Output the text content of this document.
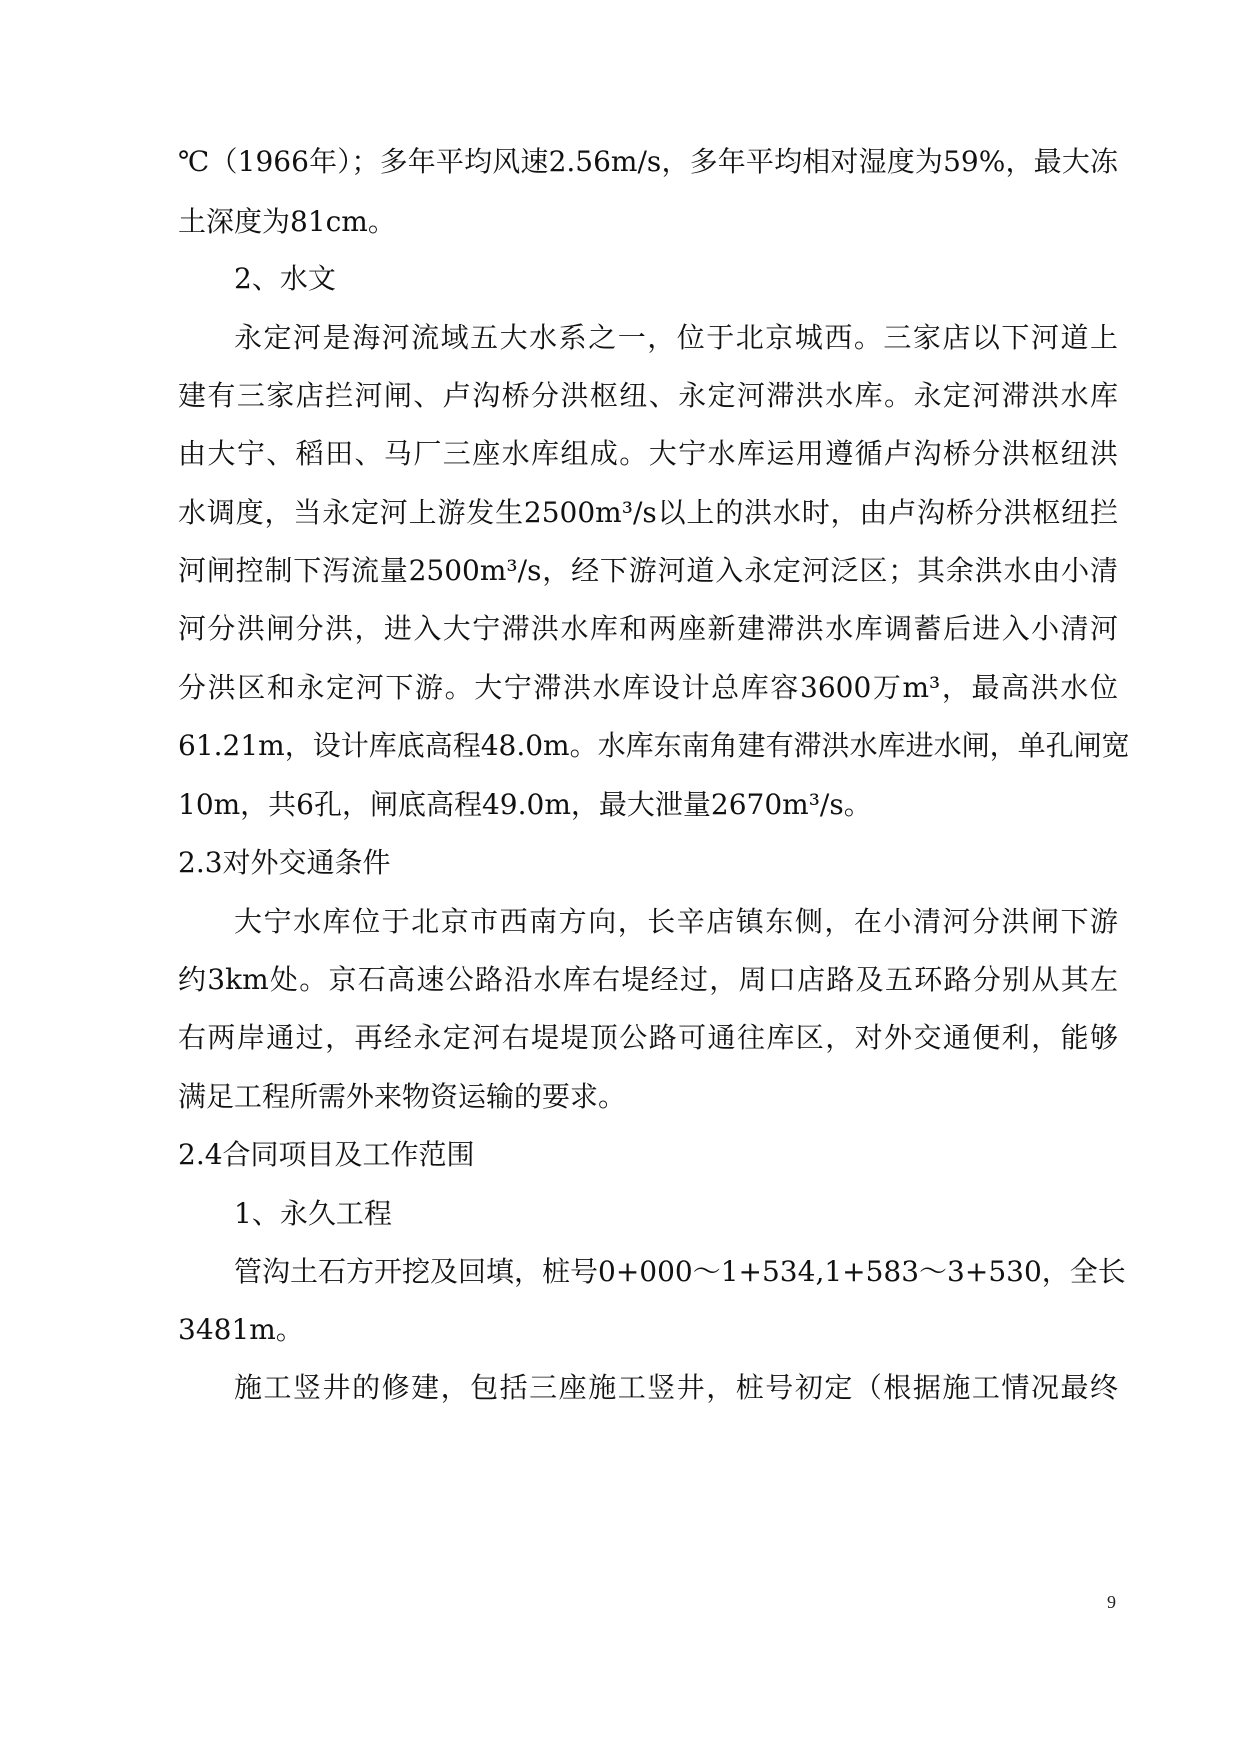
℃（1966年）；多年平均风速2.56m/s，多年平均相对湿度为59%，最大冻
土深度为81cm。
2、水文
永定河是海河流域五大水系之一，位于北京城西。三家店以下河道上
建有三家店拦河闸、卢沟桥分洪枢纽、永定河滞洪水库。永定河滞洪水库
由大宁、稻田、马厂三座水库组成。大宁水库运用遵循卢沟桥分洪枢纽洪
水调度，当永定河上游发生2500m³/s以上的洪水时，由卢沟桥分洪枢纽拦
河闸控制下泻流量2500m³/s，经下游河道入永定河泛区；其余洪水由小清
河分洪闸分洪，进入大宁滞洪水库和两座新建滞洪水库调蓄后进入小清河
分洪区和永定河下游。大宁滞洪水库设计总库容3600万m³，最高洪水位
61.21m，设计库底高程48.0m。水库东南角建有滞洪水库进水闸，单孔闸宽
10m，共6孔，闸底高程49.0m，最大泄量2670m³/s。
2.3对外交通条件
大宁水库位于北京市西南方向，长辛店镇东侧，在小清河分洪闸下游
约3km处。京石高速公路沿水库右堤经过，周口店路及五环路分别从其左
右两岸通过，再经永定河右堤堤顶公路可通往库区，对外交通便利，能够
满足工程所需外来物资运输的要求。
2.4合同项目及工作范围
1、永久工程
管沟土石方开挖及回填，桩号0+000～1+534,1+583～3+530，全长
3481m。
施工竖井的修建，包括三座施工竖井，桩号初定（根据施工情况最终
9
